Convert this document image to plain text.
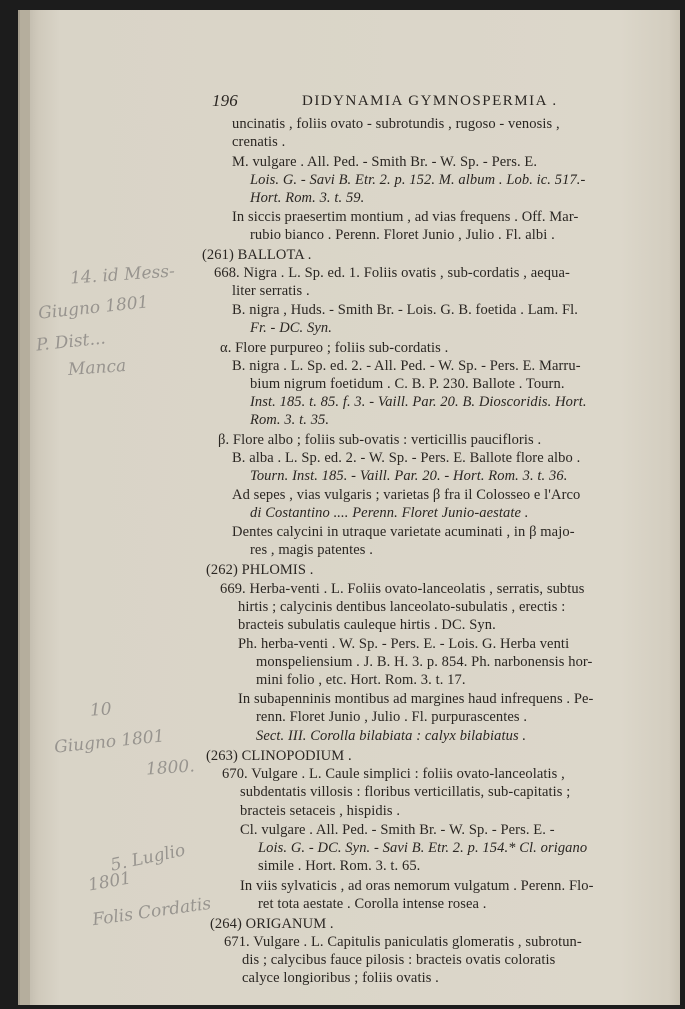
196	DIDYNAMIA GYMNOSPERMIA .
uncinatis , foliis ovato - subrotundis , rugoso - venosis ,
crenatis .
M. vulgare . All. Ped. - Smith Br. - W. Sp. - Pers. E.
Lois. G. - Savi B. Etr. 2. p. 152. M. album . Lob. ic. 517.-
Hort. Rom. 3. t. 59.
In siccis praesertim montium , ad vias frequens . Off. Mar-
rubio bianco . Perenn. Floret Junio , Julio . Fl. albi .
(261) BALLOTA .
668. Nigra . L. Sp. ed. 1. Foliis ovatis , sub-cordatis , aequa-
liter serratis .
B. nigra , Huds. - Smith Br. - Lois. G. B. foetida . Lam. Fl.
Fr. - DC. Syn.
α. Flore purpureo ; foliis sub-cordatis .
B. nigra . L. Sp. ed. 2. - All. Ped. - W. Sp. - Pers. E. Marru-
bium nigrum foetidum . C. B. P. 230. Ballote . Tourn.
Inst. 185. t. 85. f. 3. - Vaill. Par. 20. B. Dioscoridis. Hort.
Rom. 3. t. 35.
β. Flore albo ; foliis sub-ovatis : verticillis paucifloris .
B. alba . L. Sp. ed. 2. - W. Sp. - Pers. E. Ballote flore albo .
Tourn. Inst. 185. - Vaill. Par. 20. - Hort. Rom. 3. t. 36.
Ad sepes , vias vulgaris ; varietas β fra il Colosseo e l'Arco
di Costantino .... Perenn. Floret Junio-aestate .
Dentes calycini in utraque varietate acuminati , in β majo-
res , magis patentes .
(262) PHLOMIS .
669. Herba-venti . L. Foliis ovato-lanceolatis , serratis, subtus
hirtis ; calycinis dentibus lanceolato-subulatis , erectis :
bracteis subulatis cauleque hirtis . DC. Syn.
Ph. herba-venti . W. Sp. - Pers. E. - Lois. G. Herba venti
monspeliensium . J. B. H. 3. p. 854. Ph. narbonensis hor-
mini folio , etc. Hort. Rom. 3. t. 17.
In subapenninis montibus ad margines haud infrequens . Pe-
renn. Floret Junio , Julio . Fl. purpurascentes .
Sect. III. Corolla bilabiata : calyx bilabiatus .
(263) CLINOPODIUM .
670. Vulgare . L. Caule simplici : foliis ovato-lanceolatis ,
subdentatis villosis : floribus verticillatis, sub-capitatis ;
bracteis setaceis , hispidis .
Cl. vulgare . All. Ped. - Smith Br. - W. Sp. - Pers. E. -
Lois. G. - DC. Syn. - Savi B. Etr. 2. p. 154.* Cl. origano
simile . Hort. Rom. 3. t. 65.
In viis sylvaticis , ad oras nemorum vulgatum . Perenn. Flo-
ret tota aestate . Corolla intense rosea .
(264) ORIGANUM .
671. Vulgare . L. Capitulis paniculatis glomeratis , subrotun-
dis ; calycibus fauce pilosis : bracteis ovatis coloratis
calyce longioribus ; foliis ovatis .
14. id Mess-
Giugno 1801
P. Dist...
Manca
10
Giugno 1801
1800.
5. Luglio
1801
Folis Cordatis
